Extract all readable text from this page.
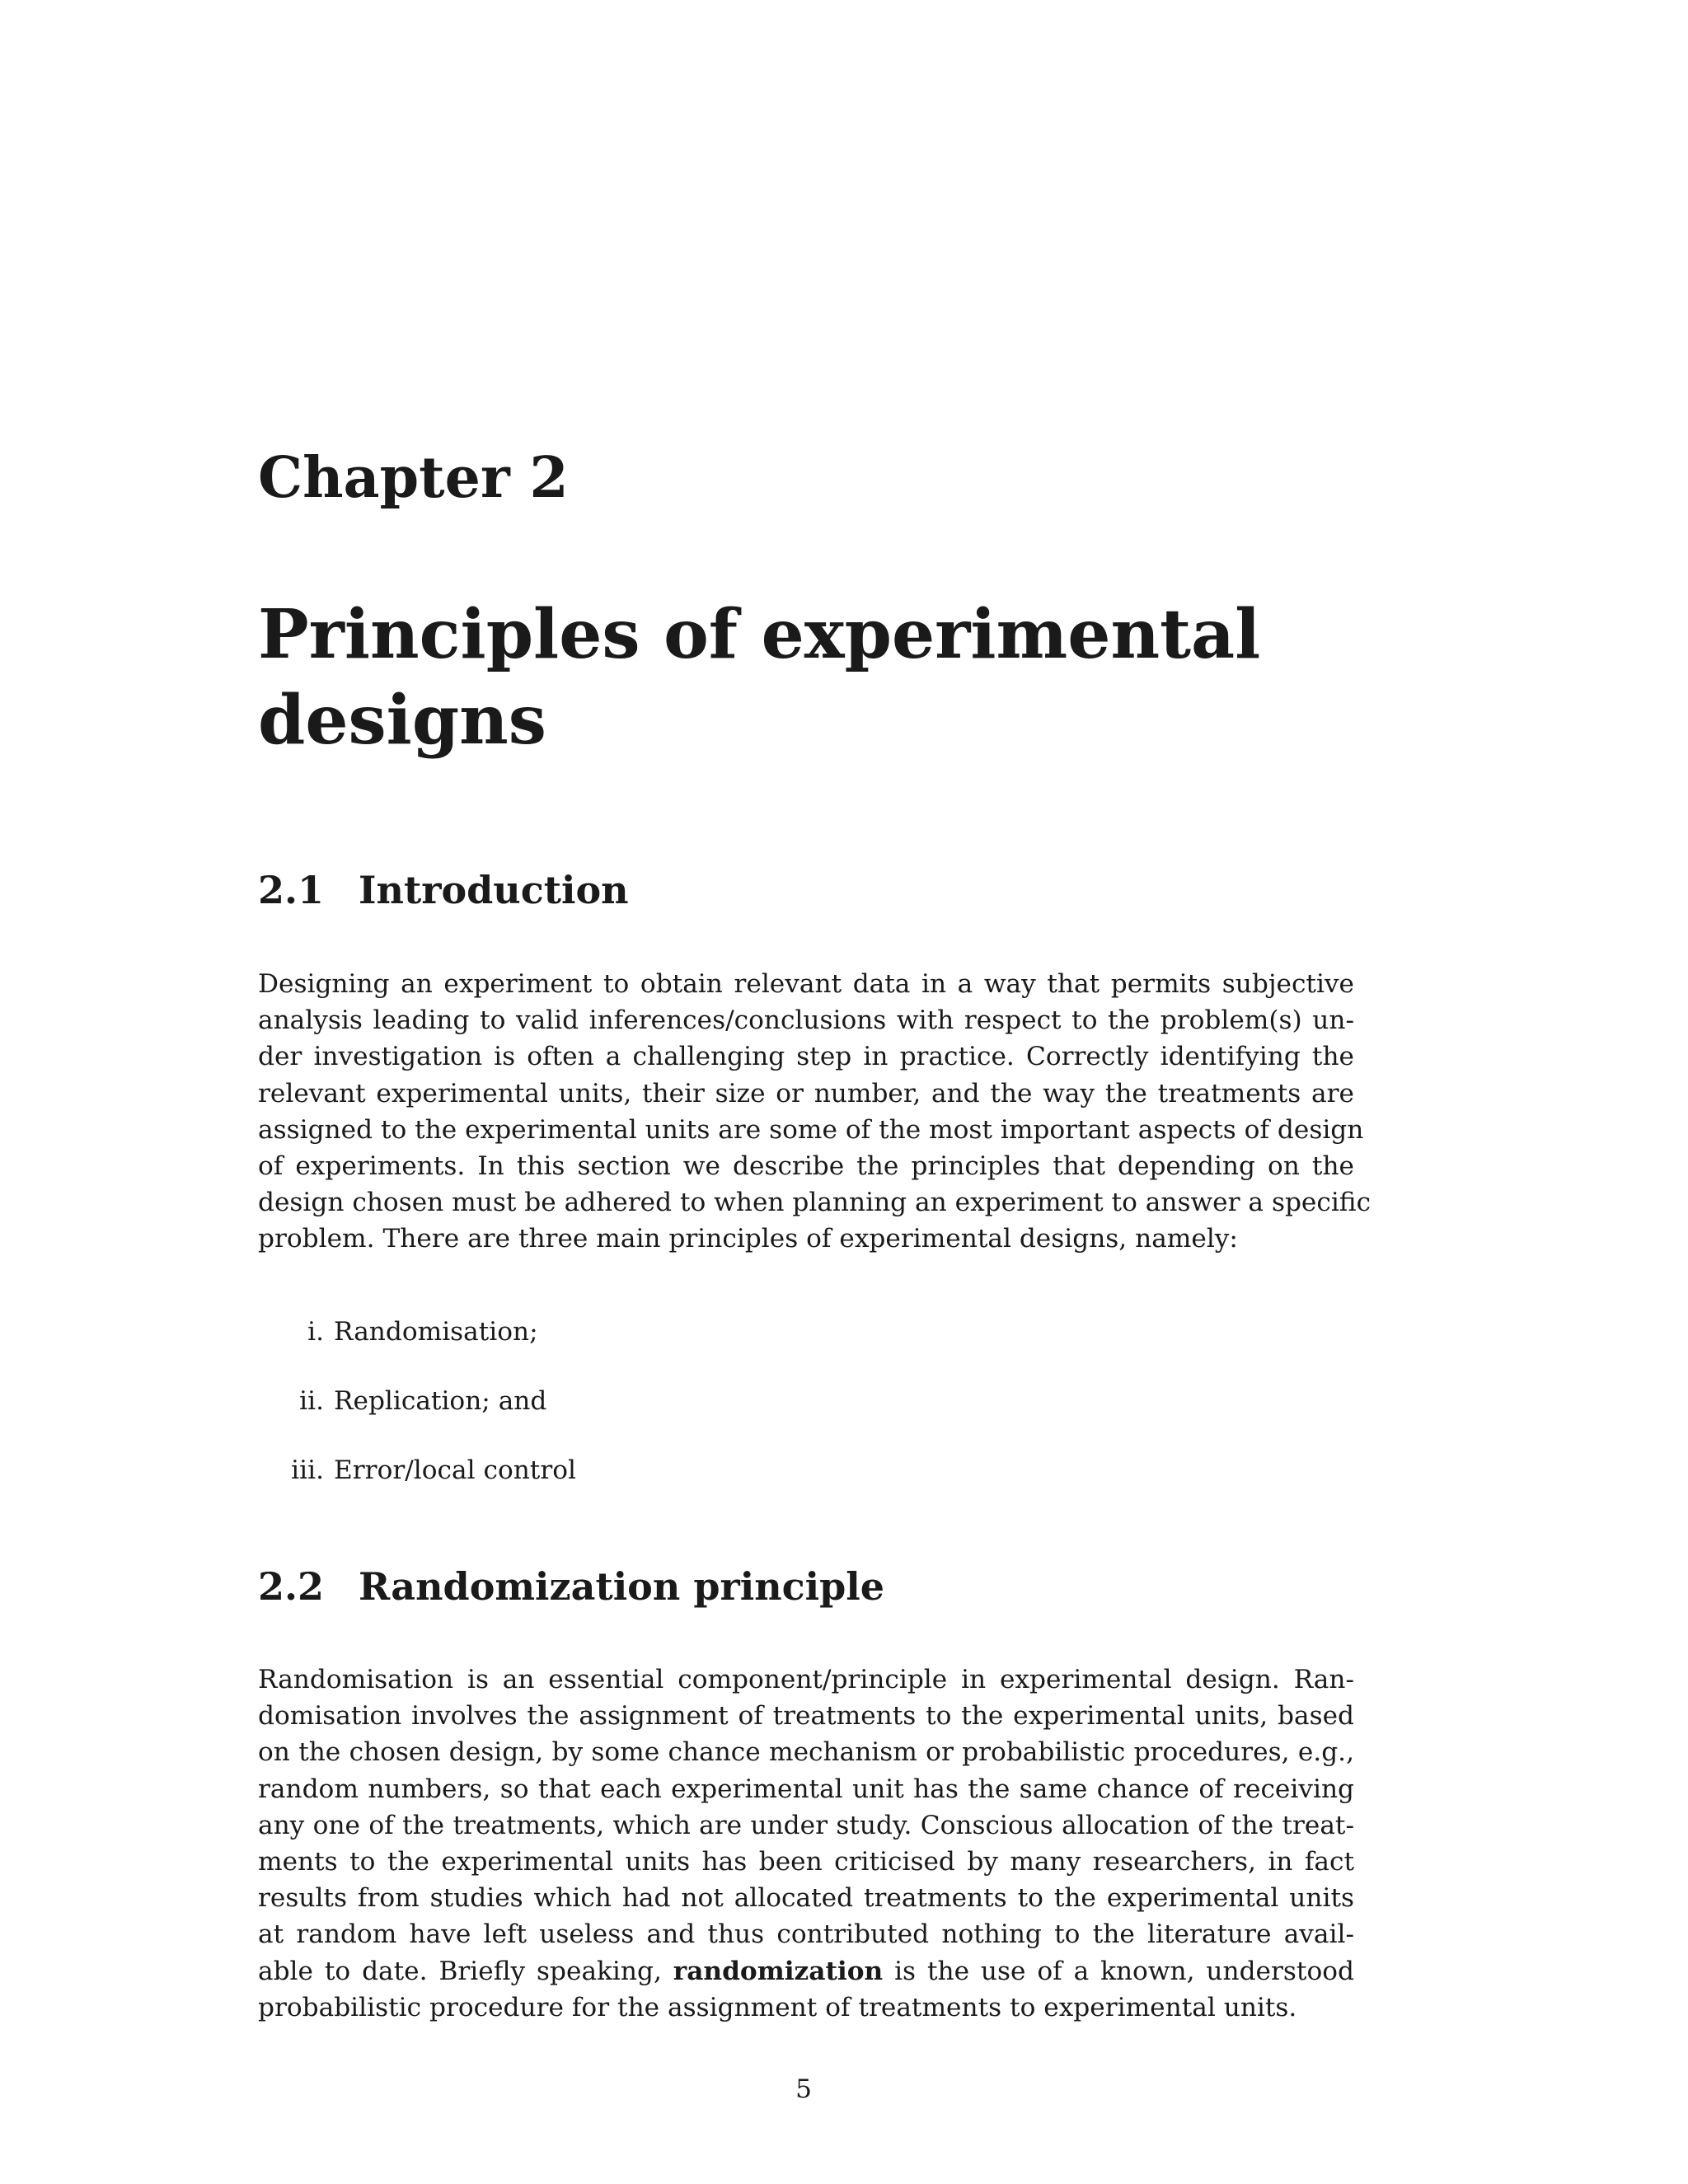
Chapter 2
Principles of experimental
designs
2.1 Introduction

Designing an experiment to obtain relevant data in a way that permits subjective
analysis leading to valid inferences/conclusions with respect to the problem(s) un-
der investigation is often a challenging step in practice. Correctly identifying the
relevant experimental units, their size or number, and the way the treatments are
assigned to the experimental units are some of the most important aspects of design
of experiments. In this section we describe the principles that depending on the
design chosen must be adhered to when planning an experiment to answer a specific
problem. There are three main principles of experimental designs, namely:

i. Randomisation;
ii. Replication; and
iii. Error/local control
2.2 Randomization principle

Randomisation is an essential component/principle in experimental design. Ran-
domisation involves the assignment of treatments to the experimental units, based
on the chosen design, by some chance mechanism or probabilistic procedures, e.g.,
random numbers, so that each experimental unit has the same chance of receiving
any one of the treatments, which are under study. Conscious allocation of the treat-
ments to the experimental units has been criticised by many researchers, in fact
results from studies which had not allocated treatments to the experimental units
at random have left useless and thus contributed nothing to the literature avail-
able to date. Briefly speaking, randomization is the use of a known, understood
probabilistic procedure for the assignment of treatments to experimental units.

5
